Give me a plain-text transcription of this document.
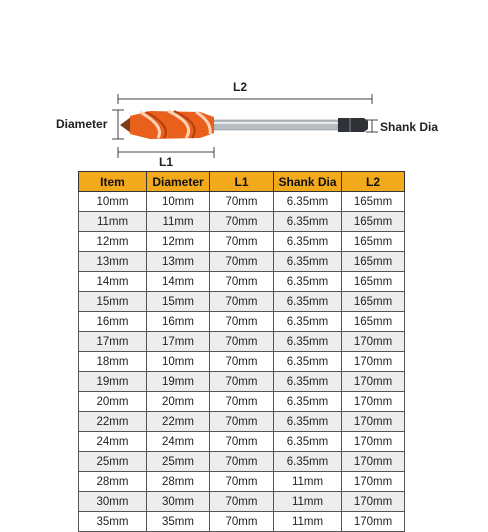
L2
Diameter	Shank Dia
L1
Item	Diameter	L1	Shank Dia	L2
10mm	10mm	70mm	6.35mm	165mm
11mm	11mm	70mm	6.35mm	165mm
12mm	12mm	70mm	6.35mm	165mm
13mm	13mm	70mm	6.35mm	165mm
14mm	14mm	70mm	6.35mm	165mm
15mm	15mm	70mm	6.35mm	165mm
16mm	16mm	70mm	6.35mm	165mm
17mm	17mm	70mm	6.35mm	170mm
18mm	10mm	70mm	6.35mm	170mm
19mm	19mm	70mm	6.35mm	170mm
20mm	20mm	70mm	6.35mm	170mm
22mm	22mm	70mm	6.35mm	170mm
24mm	24mm	70mm	6.35mm	170mm
25mm	25mm	70mm	6.35mm	170mm
28mm	28mm	70mm	11mm	170mm
30mm	30mm	70mm	11mm	170mm
35mm	35mm	70mm	11mm	170mm
